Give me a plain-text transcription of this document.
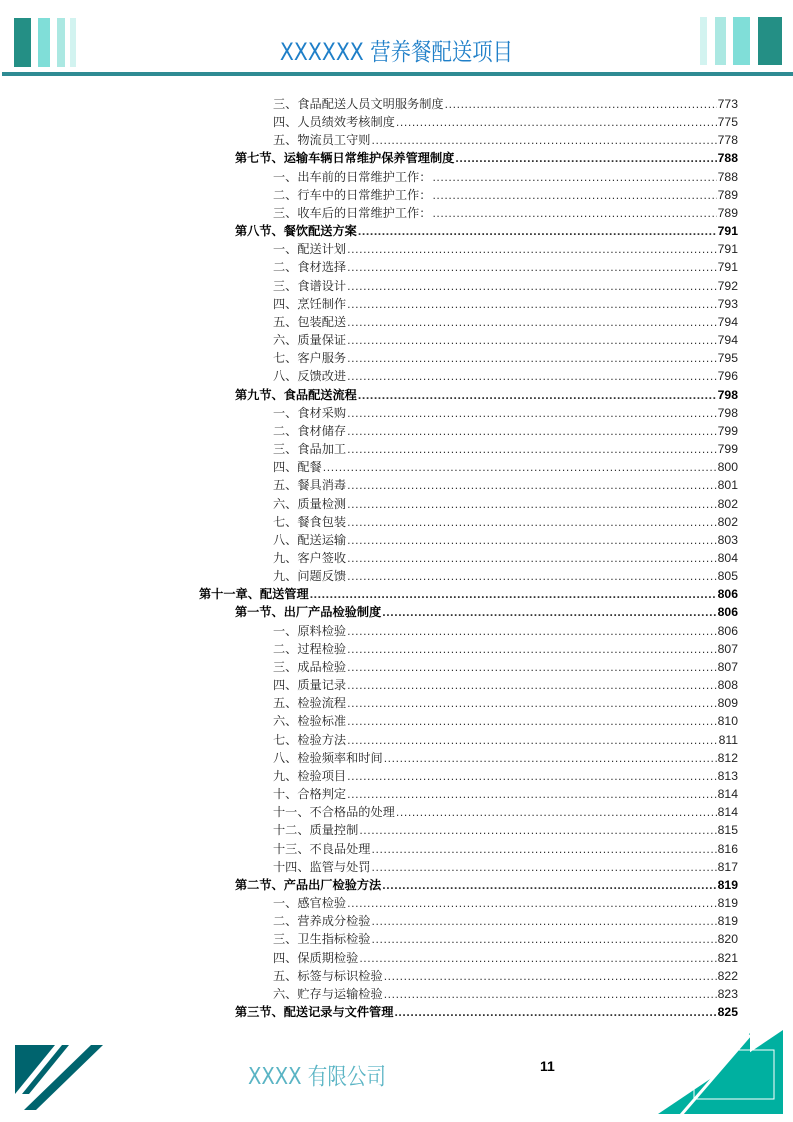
XXXXXX 营养餐配送项目
三、食品配送人员文明服务制度 .....	773
四、人员绩效考核制度 .....	775
五、物流员工守则 .....	778
第七节、运输车辆日常维护保养管理制度 .....	788
一、出车前的日常维护工作： .....	788
二、行车中的日常维护工作： .....	789
三、收车后的日常维护工作： .....	789
第八节、餐饮配送方案 .....	791
一、配送计划 .....	791
二、食材选择 .....	791
三、食谱设计 .....	792
四、烹饪制作 .....	793
五、包装配送 .....	794
六、质量保证 .....	794
七、客户服务 .....	795
八、反馈改进 .....	796
第九节、食品配送流程 .....	798
一、食材采购 .....	798
二、食材储存 .....	799
三、食品加工 .....	799
四、配餐 .....	800
五、餐具消毒 .....	801
六、质量检测 .....	802
七、餐食包装 .....	802
八、配送运输 .....	803
九、客户签收 .....	804
九、问题反馈 .....	805
第十一章、配送管理 .....	806
第一节、出厂产品检验制度 .....	806
一、原料检验 .....	806
二、过程检验 .....	807
三、成品检验 .....	807
四、质量记录 .....	808
五、检验流程 .....	809
六、检验标准 .....	810
七、检验方法 .....	811
八、检验频率和时间 .....	812
九、检验项目 .....	813
十、合格判定 .....	814
十一、不合格品的处理 .....	814
十二、质量控制 .....	815
十三、不良品处理 .....	816
十四、监管与处罚 .....	817
第二节、产品出厂检验方法 .....	819
一、感官检验 .....	819
二、营养成分检验 .....	819
三、卫生指标检验 .....	820
四、保质期检验 .....	821
五、标签与标识检验 .....	822
六、贮存与运输检验 .....	823
第三节、配送记录与文件管理 .....	825
XXXX 有限公司	11
